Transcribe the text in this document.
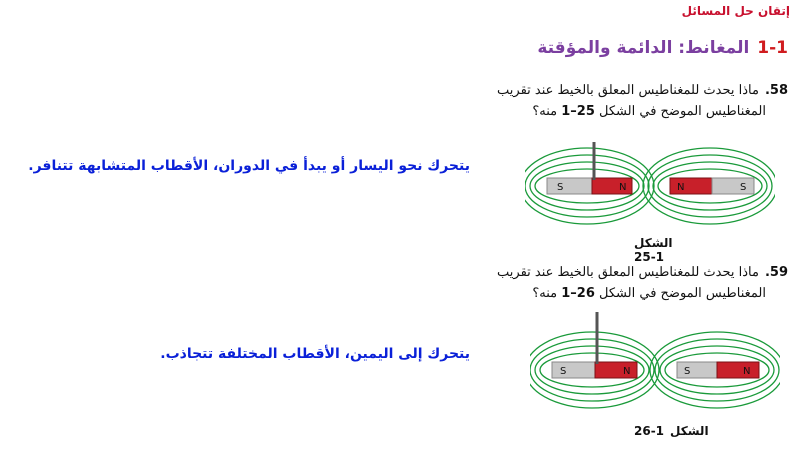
إتقان حل المسائل
1-1المغانط: الدائمة والمؤقتة
58.ماذا يحدث للمغناطيس المعلق بالخيط عند تقريب
المغناطيس الموضح في الشكل 25–1 منه؟
يتحرك نحو اليسار أو يبدأ في الدوران، الأقطاب المتشابهة تتنافر.
S	N	N	S
الشكل
25-1
59.ماذا يحدث للمغناطيس المعلق بالخيط عند تقريب
المغناطيس الموضح في الشكل 26–1 منه؟
يتحرك إلى اليمين، الأقطاب المختلفة تتجاذب.
S	N	S	N
الشكل
26-1
